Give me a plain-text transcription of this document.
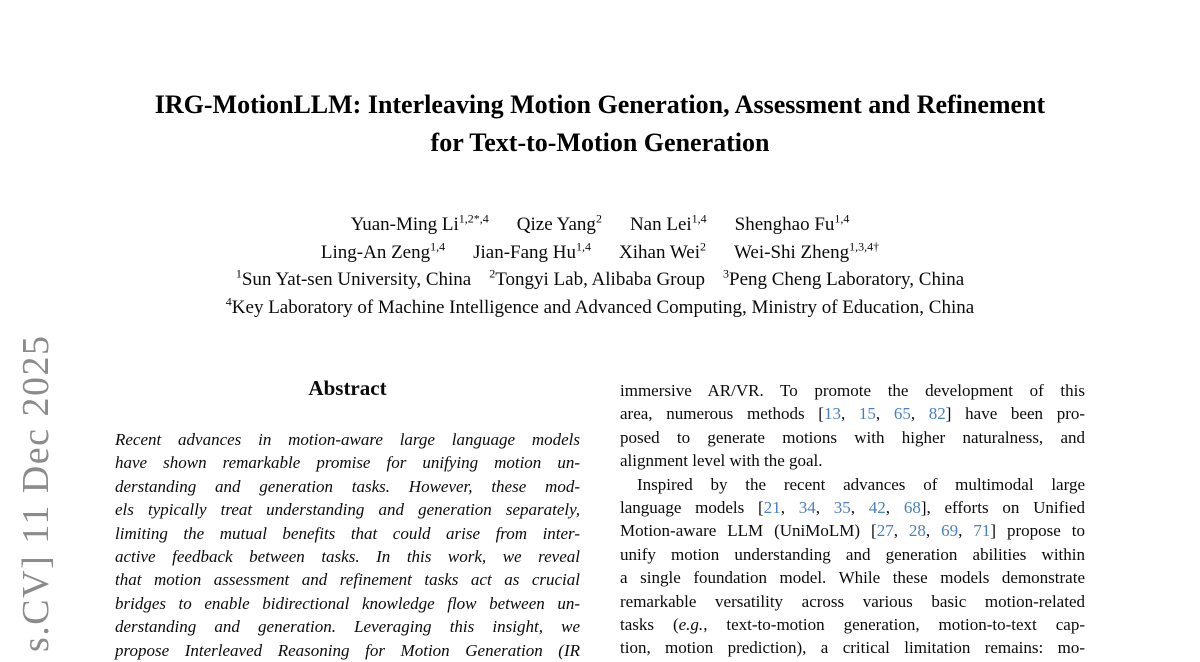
s.CV] 11 Dec 2025
IRG-MotionLLM: Interleaving Motion Generation, Assessment and Refinement
for Text-to-Motion Generation
Yuan-Ming $Li^{1,2*,4}$ Qize Yang$^2$ Nan Lei$^{1,4}$ Shenghao Fu$^{1,4}$
Ling-An Zeng$^{1,4}$ Jian-Fang Hu$^{1,4}$ Xihan Wei$^2$ Wei-Shi Zheng$^{1,3,4\dagger}$
$^1$Sun Yat-sen University, China $^2$Tongyi Lab, Alibaba Group $^3$Peng Cheng Laboratory, China
$^4$Key Laboratory of Machine Intelligence and Advanced Computing, Ministry of Education, China
Abstract
Recent advances in motion-aware large language models
have shown remarkable promise for unifying motion un-
derstanding and generation tasks. However, these mod-
els typically treat understanding and generation separately,
limiting the mutual benefits that could arise from inter-
active feedback between tasks. In this work, we reveal
that motion assessment and refinement tasks act as crucial
bridges to enable bidirectional knowledge flow between un-
derstanding and generation. Leveraging this insight, we
propose Interleaved Reasoning for Motion Generation (IR
immersive AR/VR. To promote the development of this
area, numerous methods [13, 15, 65, 82] have been pro-
posed to generate motions with higher naturalness, and
alignment level with the goal.
Inspired by the recent advances of multimodal large
language models [21, 34, 35, 42, 68], efforts on Unified
Motion-aware LLM (UniMoLM) [27, 28, 69, 71] propose to
unify motion understanding and generation abilities within
a single foundation model. While these models demonstrate
remarkable versatility across various basic motion-related
tasks (e.g., text-to-motion generation, motion-to-text cap-
tion, motion prediction), a critical limitation remains: mo-
